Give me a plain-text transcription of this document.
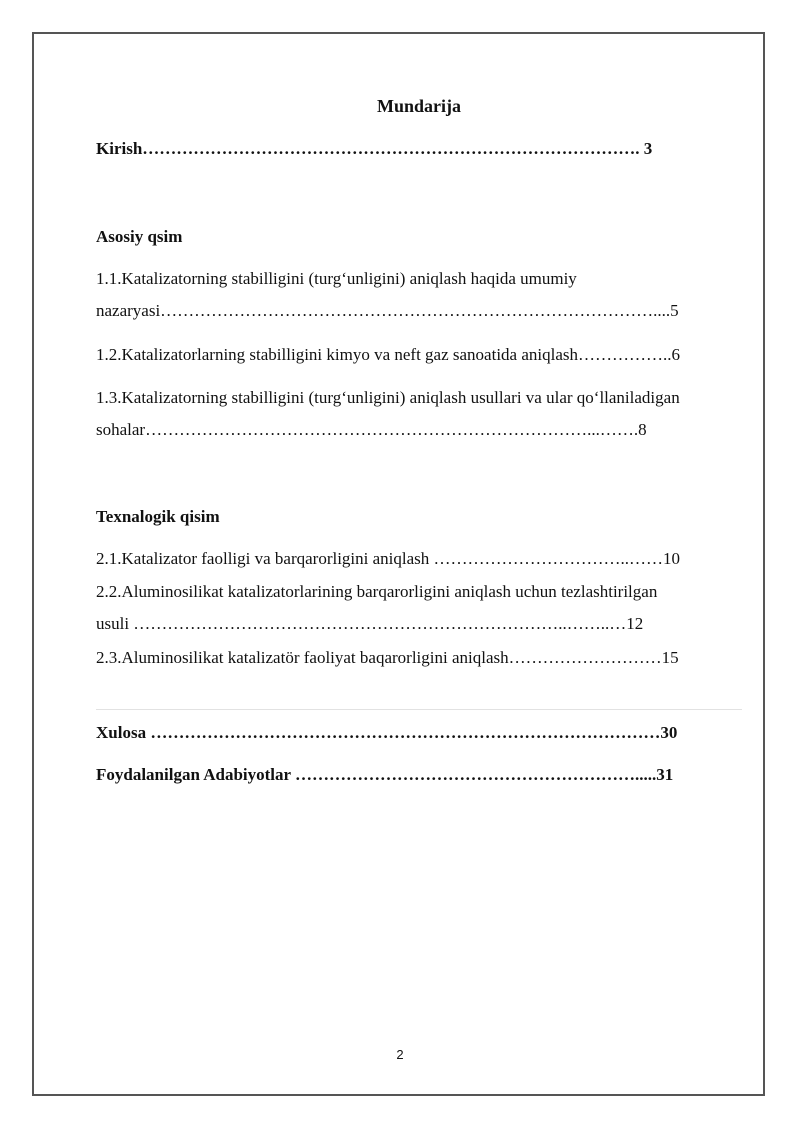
Mundarija
Kirish……………………………………………………………………………. 3
Asosiy qsim
1.1.Katalizatorning stabilligini (turg‘unligini) aniqlash haqida umumiy
nazaryasi……………………………………………………………………………....5
1.2.Katalizatorlarning stabilligini kimyo va neft gaz sanoatida aniqlash……………..6
1.3.Katalizatorning stabilligini (turg‘unligini) aniqlash usullari va ular qo‘llaniladigan
sohalar……………………………………………………………………...…….8
Texnalogik qisim
2.1.Katalizator faolligi va barqarorligini aniqlash ……………………………..……10
2.2.Aluminosilikat katalizatorlarining barqarorligini aniqlash uchun tezlashtirilgan
usuli …………………………………………………………………..……..…12
2.3.Aluminosilikat katalizatör faoliyat baqarorligini aniqlash………………………15
Xulosa ………………………………………………………………………………30
Foydalanilgan Adabiyotlar …………………………………………………….....31
2
